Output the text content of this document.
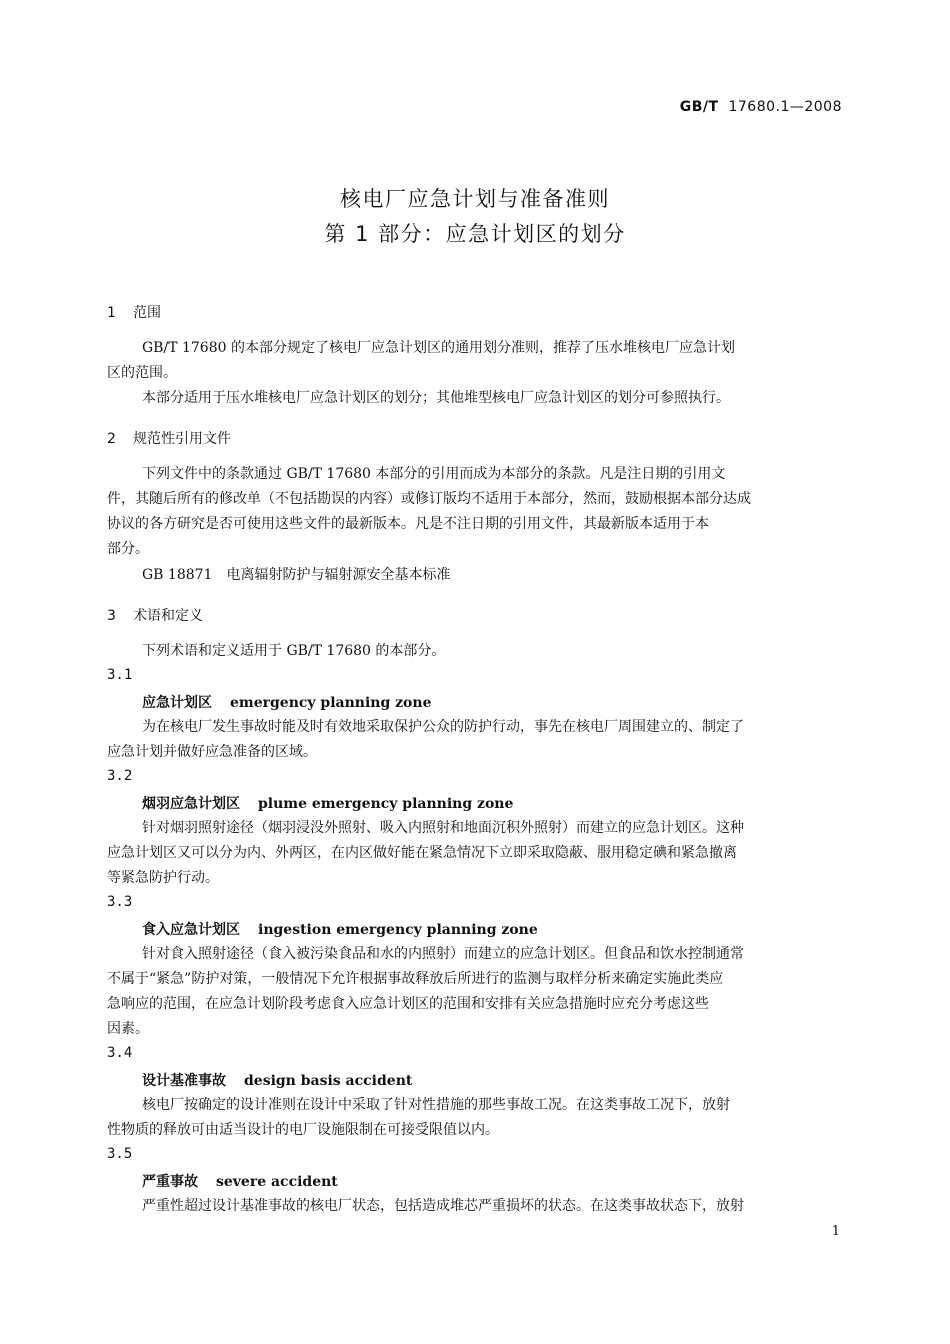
GB/T 17680.1—2008
核电厂应急计划与准备准则
第 1 部分：应急计划区的划分
1 范围
GB/T 17680 的本部分规定了核电厂应急计划区的通用划分准则，推荐了压水堆核电厂应急计划
区的范围。
本部分适用于压水堆核电厂应急计划区的划分；其他堆型核电厂应急计划区的划分可参照执行。
2 规范性引用文件
下列文件中的条款通过 GB/T 17680 本部分的引用而成为本部分的条款。凡是注日期的引用文
件，其随后所有的修改单（不包括勘误的内容）或修订版均不适用于本部分，然而，鼓励根据本部分达成
协议的各方研究是否可使用这些文件的最新版本。凡是不注日期的引用文件，其最新版本适用于本
部分。
GB 18871　电离辐射防护与辐射源安全基本标准
3 术语和定义
下列术语和定义适用于 GB/T 17680 的本部分。
3.1
应急计划区 emergency planning zone
为在核电厂发生事故时能及时有效地采取保护公众的防护行动，事先在核电厂周围建立的、制定了
应急计划并做好应急准备的区域。
3.2
烟羽应急计划区 plume emergency planning zone
针对烟羽照射途径（烟羽浸没外照射、吸入内照射和地面沉积外照射）而建立的应急计划区。这种
应急计划区又可以分为内、外两区，在内区做好能在紧急情况下立即采取隐蔽、服用稳定碘和紧急撤离
等紧急防护行动。
3.3
食入应急计划区 ingestion emergency planning zone
针对食入照射途径（食入被污染食品和水的内照射）而建立的应急计划区。但食品和饮水控制通常
不属于“紧急”防护对策，一般情况下允许根据事故释放后所进行的监测与取样分析来确定实施此类应
急响应的范围，在应急计划阶段考虑食入应急计划区的范围和安排有关应急措施时应充分考虑这些
因素。
3.4
设计基准事故 design basis accident
核电厂按确定的设计准则在设计中采取了针对性措施的那些事故工况。在这类事故工况下，放射
性物质的释放可由适当设计的电厂设施限制在可接受限值以内。
3.5
严重事故 severe accident
严重性超过设计基准事故的核电厂状态，包括造成堆芯严重损坏的状态。在这类事故状态下，放射
1
